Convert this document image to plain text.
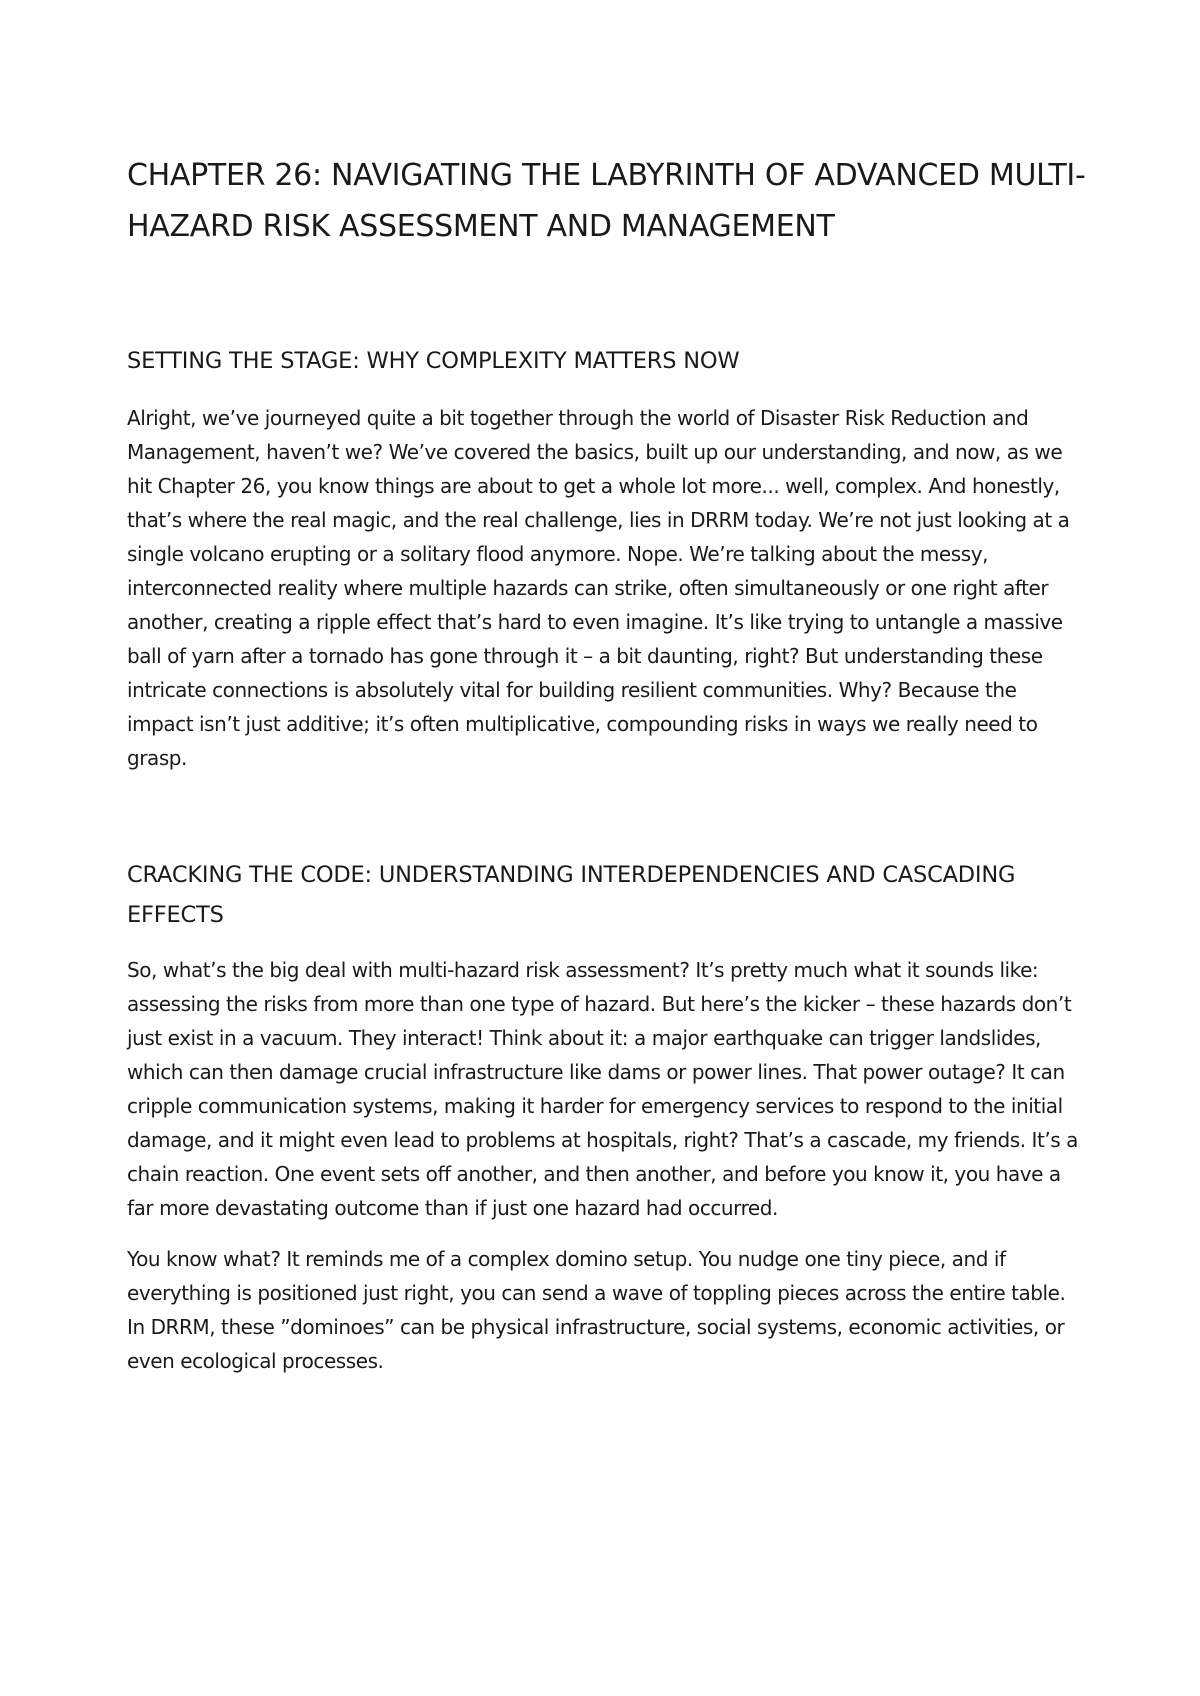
CHAPTER 26: NAVIGATING THE LABYRINTH OF ADVANCED MULTI-HAZARD RISK ASSESSMENT AND MANAGEMENT
SETTING THE STAGE: WHY COMPLEXITY MATTERS NOW

Alright, we’ve journeyed quite a bit together through the world of Disaster Risk Reduction and Management, haven’t we? We’ve covered the basics, built up our understanding, and now, as we hit Chapter 26, you know things are about to get a whole lot more... well, complex. And honestly, that’s where the real magic, and the real challenge, lies in DRRM today. We’re not just looking at a single volcano erupting or a solitary flood anymore. Nope. We’re talking about the messy, interconnected reality where multiple hazards can strike, often simultaneously or one right after another, creating a ripple effect that’s hard to even imagine. It’s like trying to untangle a massive ball of yarn after a tornado has gone through it – a bit daunting, right? But understanding these intricate connections is absolutely vital for building resilient communities. Why? Because the impact isn’t just additive; it’s often multiplicative, compounding risks in ways we really need to grasp.

CRACKING THE CODE: UNDERSTANDING INTERDEPENDENCIES AND CASCADING EFFECTS

So, what’s the big deal with multi-hazard risk assessment? It’s pretty much what it sounds like: assessing the risks from more than one type of hazard. But here’s the kicker – these hazards don’t just exist in a vacuum. They interact! Think about it: a major earthquake can trigger landslides, which can then damage crucial infrastructure like dams or power lines. That power outage? It can cripple communication systems, making it harder for emergency services to respond to the initial damage, and it might even lead to problems at hospitals, right? That’s a cascade, my friends. It’s a chain reaction. One event sets off another, and then another, and before you know it, you have a far more devastating outcome than if just one hazard had occurred.

You know what? It reminds me of a complex domino setup. You nudge one tiny piece, and if everything is positioned just right, you can send a wave of toppling pieces across the entire table. In DRRM, these ”dominoes” can be physical infrastructure, social systems, economic activities, or even ecological processes.
